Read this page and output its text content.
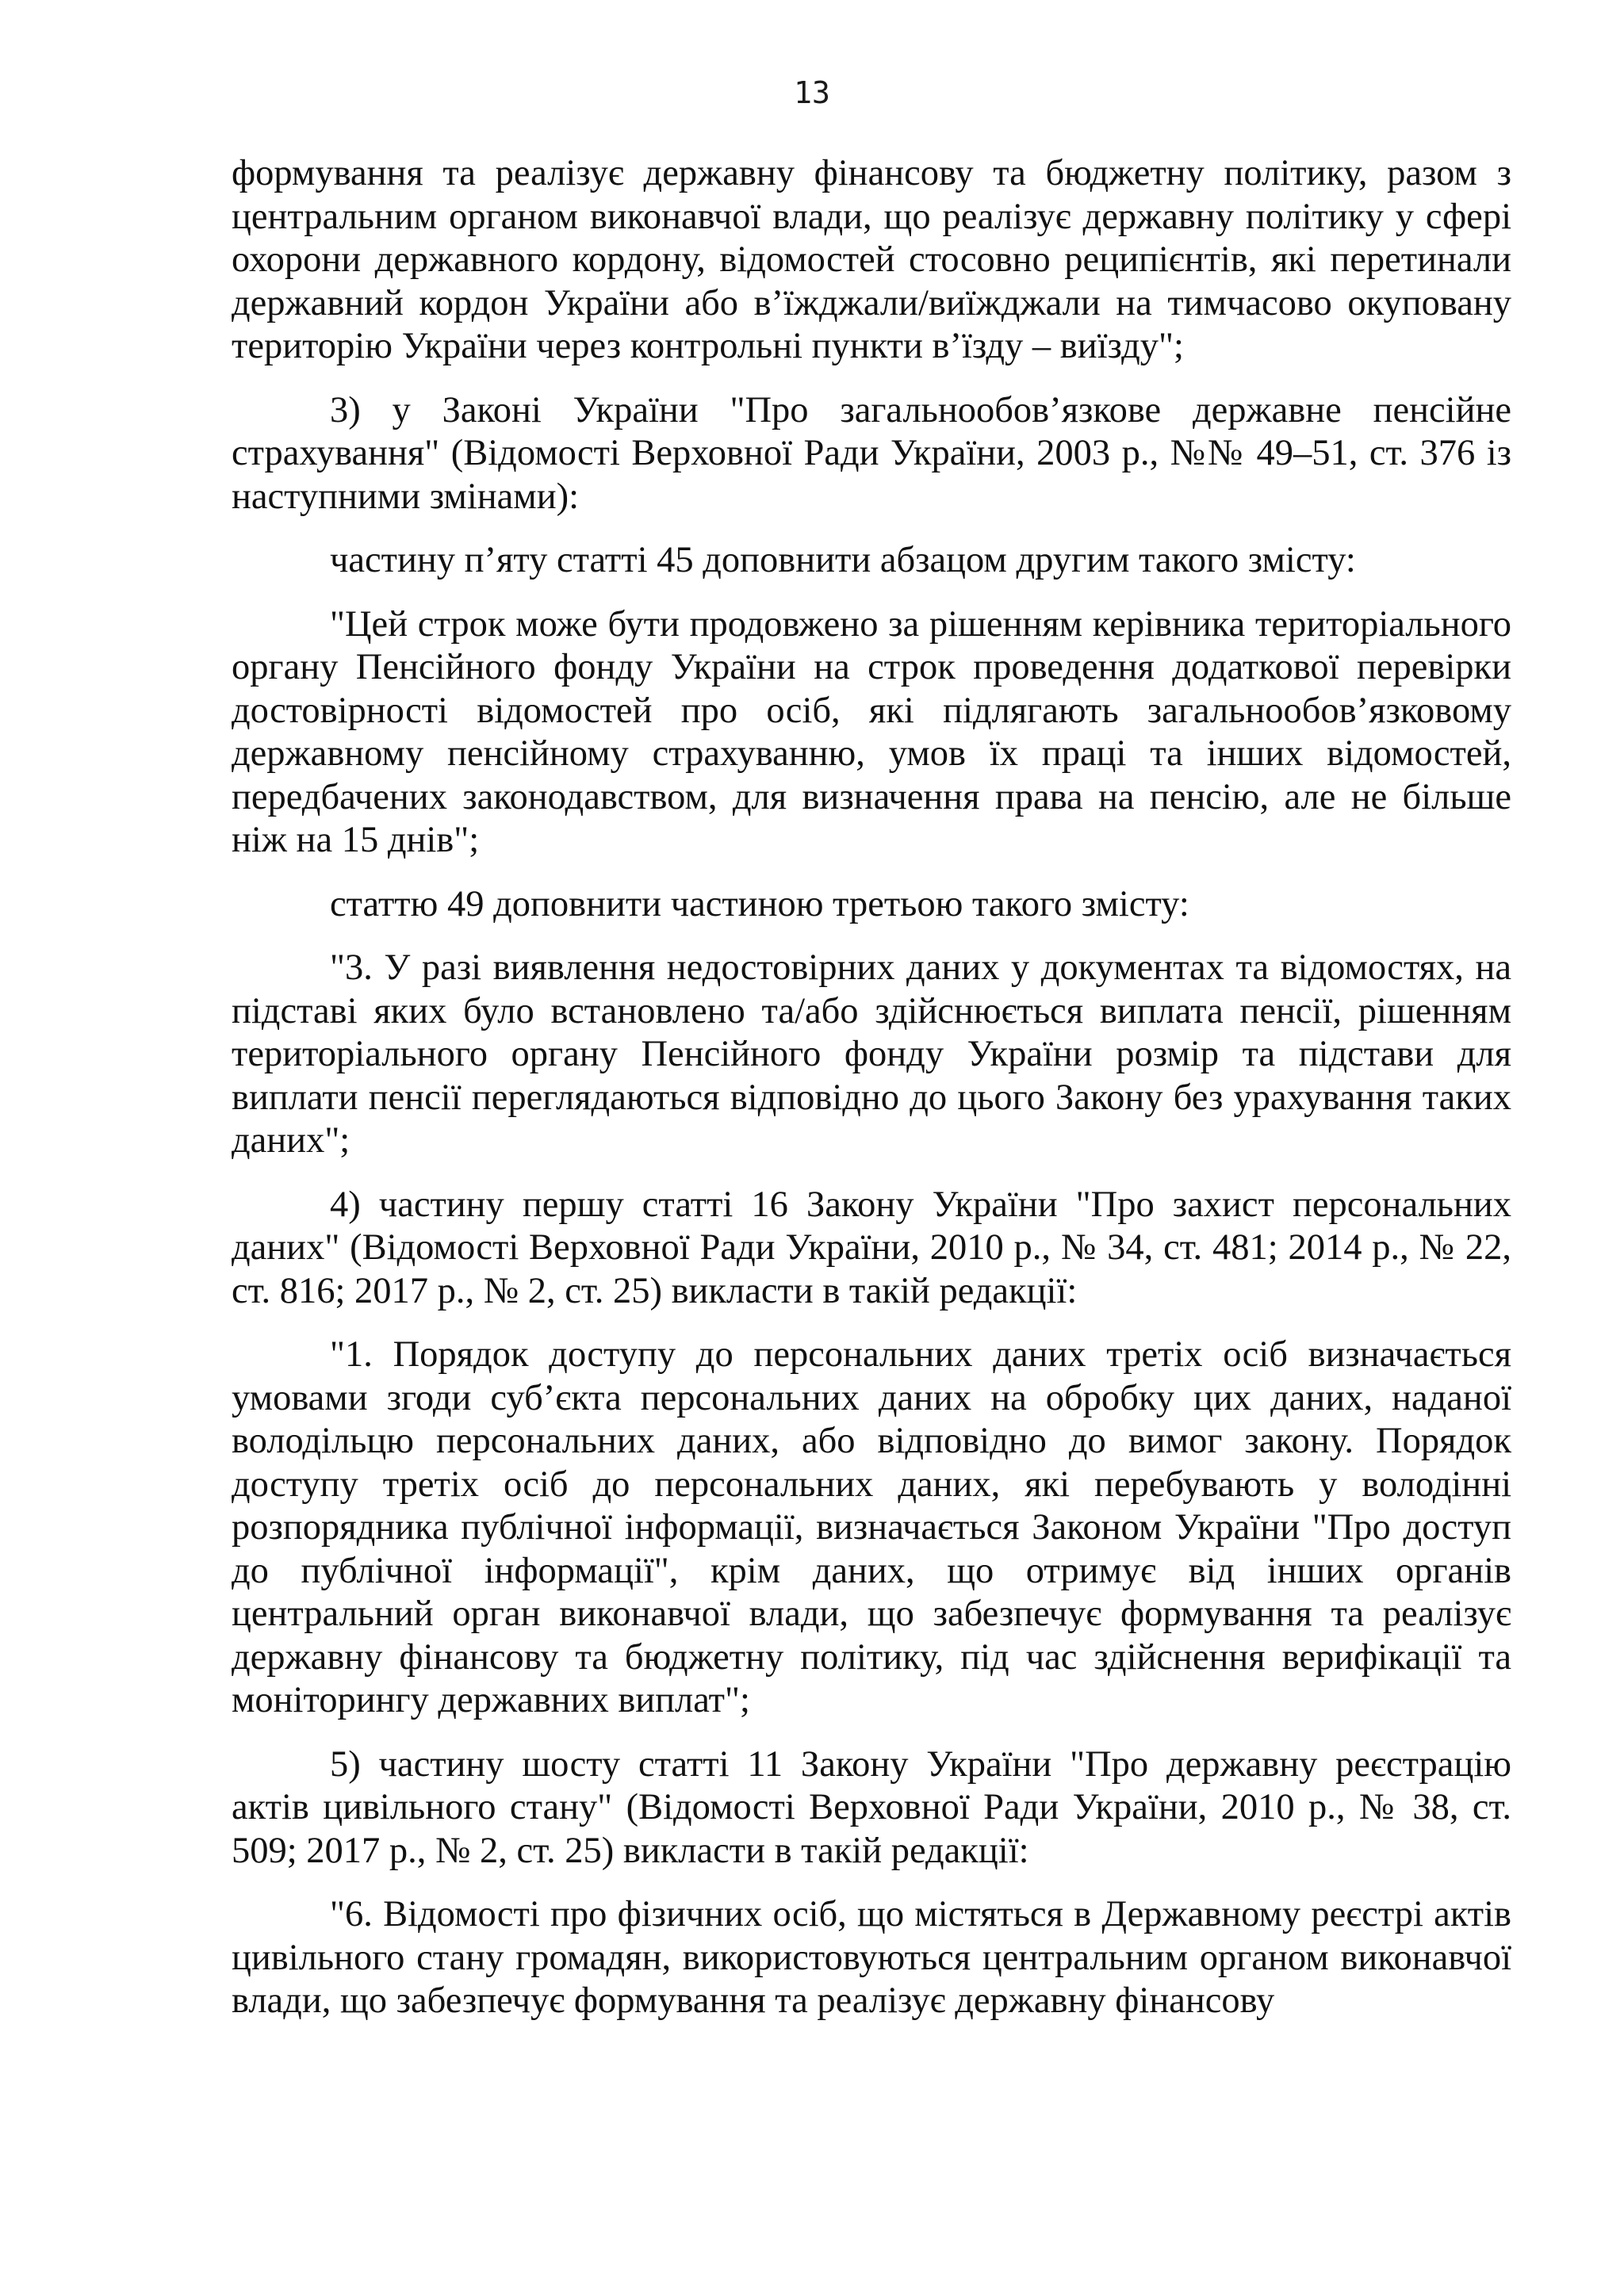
13

формування та реалізує державну фінансову та бюджетну політику, разом з центральним органом виконавчої влади, що реалізує державну політику у сфері охорони державного кордону, відомостей стосовно реципієнтів, які перетинали державний кордон України або в’їжджали/виїжджали на тимчасово окуповану територію України через контрольні пункти в’їзду – виїзду";

3) у Законі України "Про загальнообов’язкове державне пенсійне страхування" (Відомості Верховної Ради України, 2003 р., №№ 49–51, ст. 376 із наступними змінами):

частину п’яту статті 45 доповнити абзацом другим такого змісту:

"Цей строк може бути продовжено за рішенням керівника територіального органу Пенсійного фонду України на строк проведення додаткової перевірки достовірності відомостей про осіб, які підлягають загальнообов’язковому державному пенсійному страхуванню, умов їх праці та інших відомостей, передбачених законодавством, для визначення права на пенсію, але не більше ніж на 15 днів";

статтю 49 доповнити частиною третьою такого змісту:

"3. У разі виявлення недостовірних даних у документах та відомостях, на підставі яких було встановлено та/або здійснюється виплата пенсії, рішенням територіального органу Пенсійного фонду України розмір та підстави для виплати пенсії переглядаються відповідно до цього Закону без урахування таких даних";

4) частину першу статті 16 Закону України "Про захист персональних даних" (Відомості Верховної Ради України, 2010 р., № 34, ст. 481; 2014 р., № 22, ст. 816; 2017 р., № 2, ст. 25) викласти в такій редакції:

"1. Порядок доступу до персональних даних третіх осіб визначається умовами згоди суб’єкта персональних даних на обробку цих даних, наданої володільцю персональних даних, або відповідно до вимог закону. Порядок доступу третіх осіб до персональних даних, які перебувають у володінні розпорядника публічної інформації, визначається Законом України "Про доступ до публічної інформації", крім даних, що отримує від інших органів центральний орган виконавчої влади, що забезпечує формування та реалізує державну фінансову та бюджетну політику, під час здійснення верифікації та моніторингу державних виплат";

5) частину шосту статті 11 Закону України "Про державну реєстрацію актів цивільного стану" (Відомості Верховної Ради України, 2010 р., № 38, ст. 509; 2017 р., № 2, ст. 25) викласти в такій редакції:

"6. Відомості про фізичних осіб, що містяться в Державному реєстрі актів цивільного стану громадян, використовуються центральним органом виконавчої влади, що забезпечує формування та реалізує державну фінансову
